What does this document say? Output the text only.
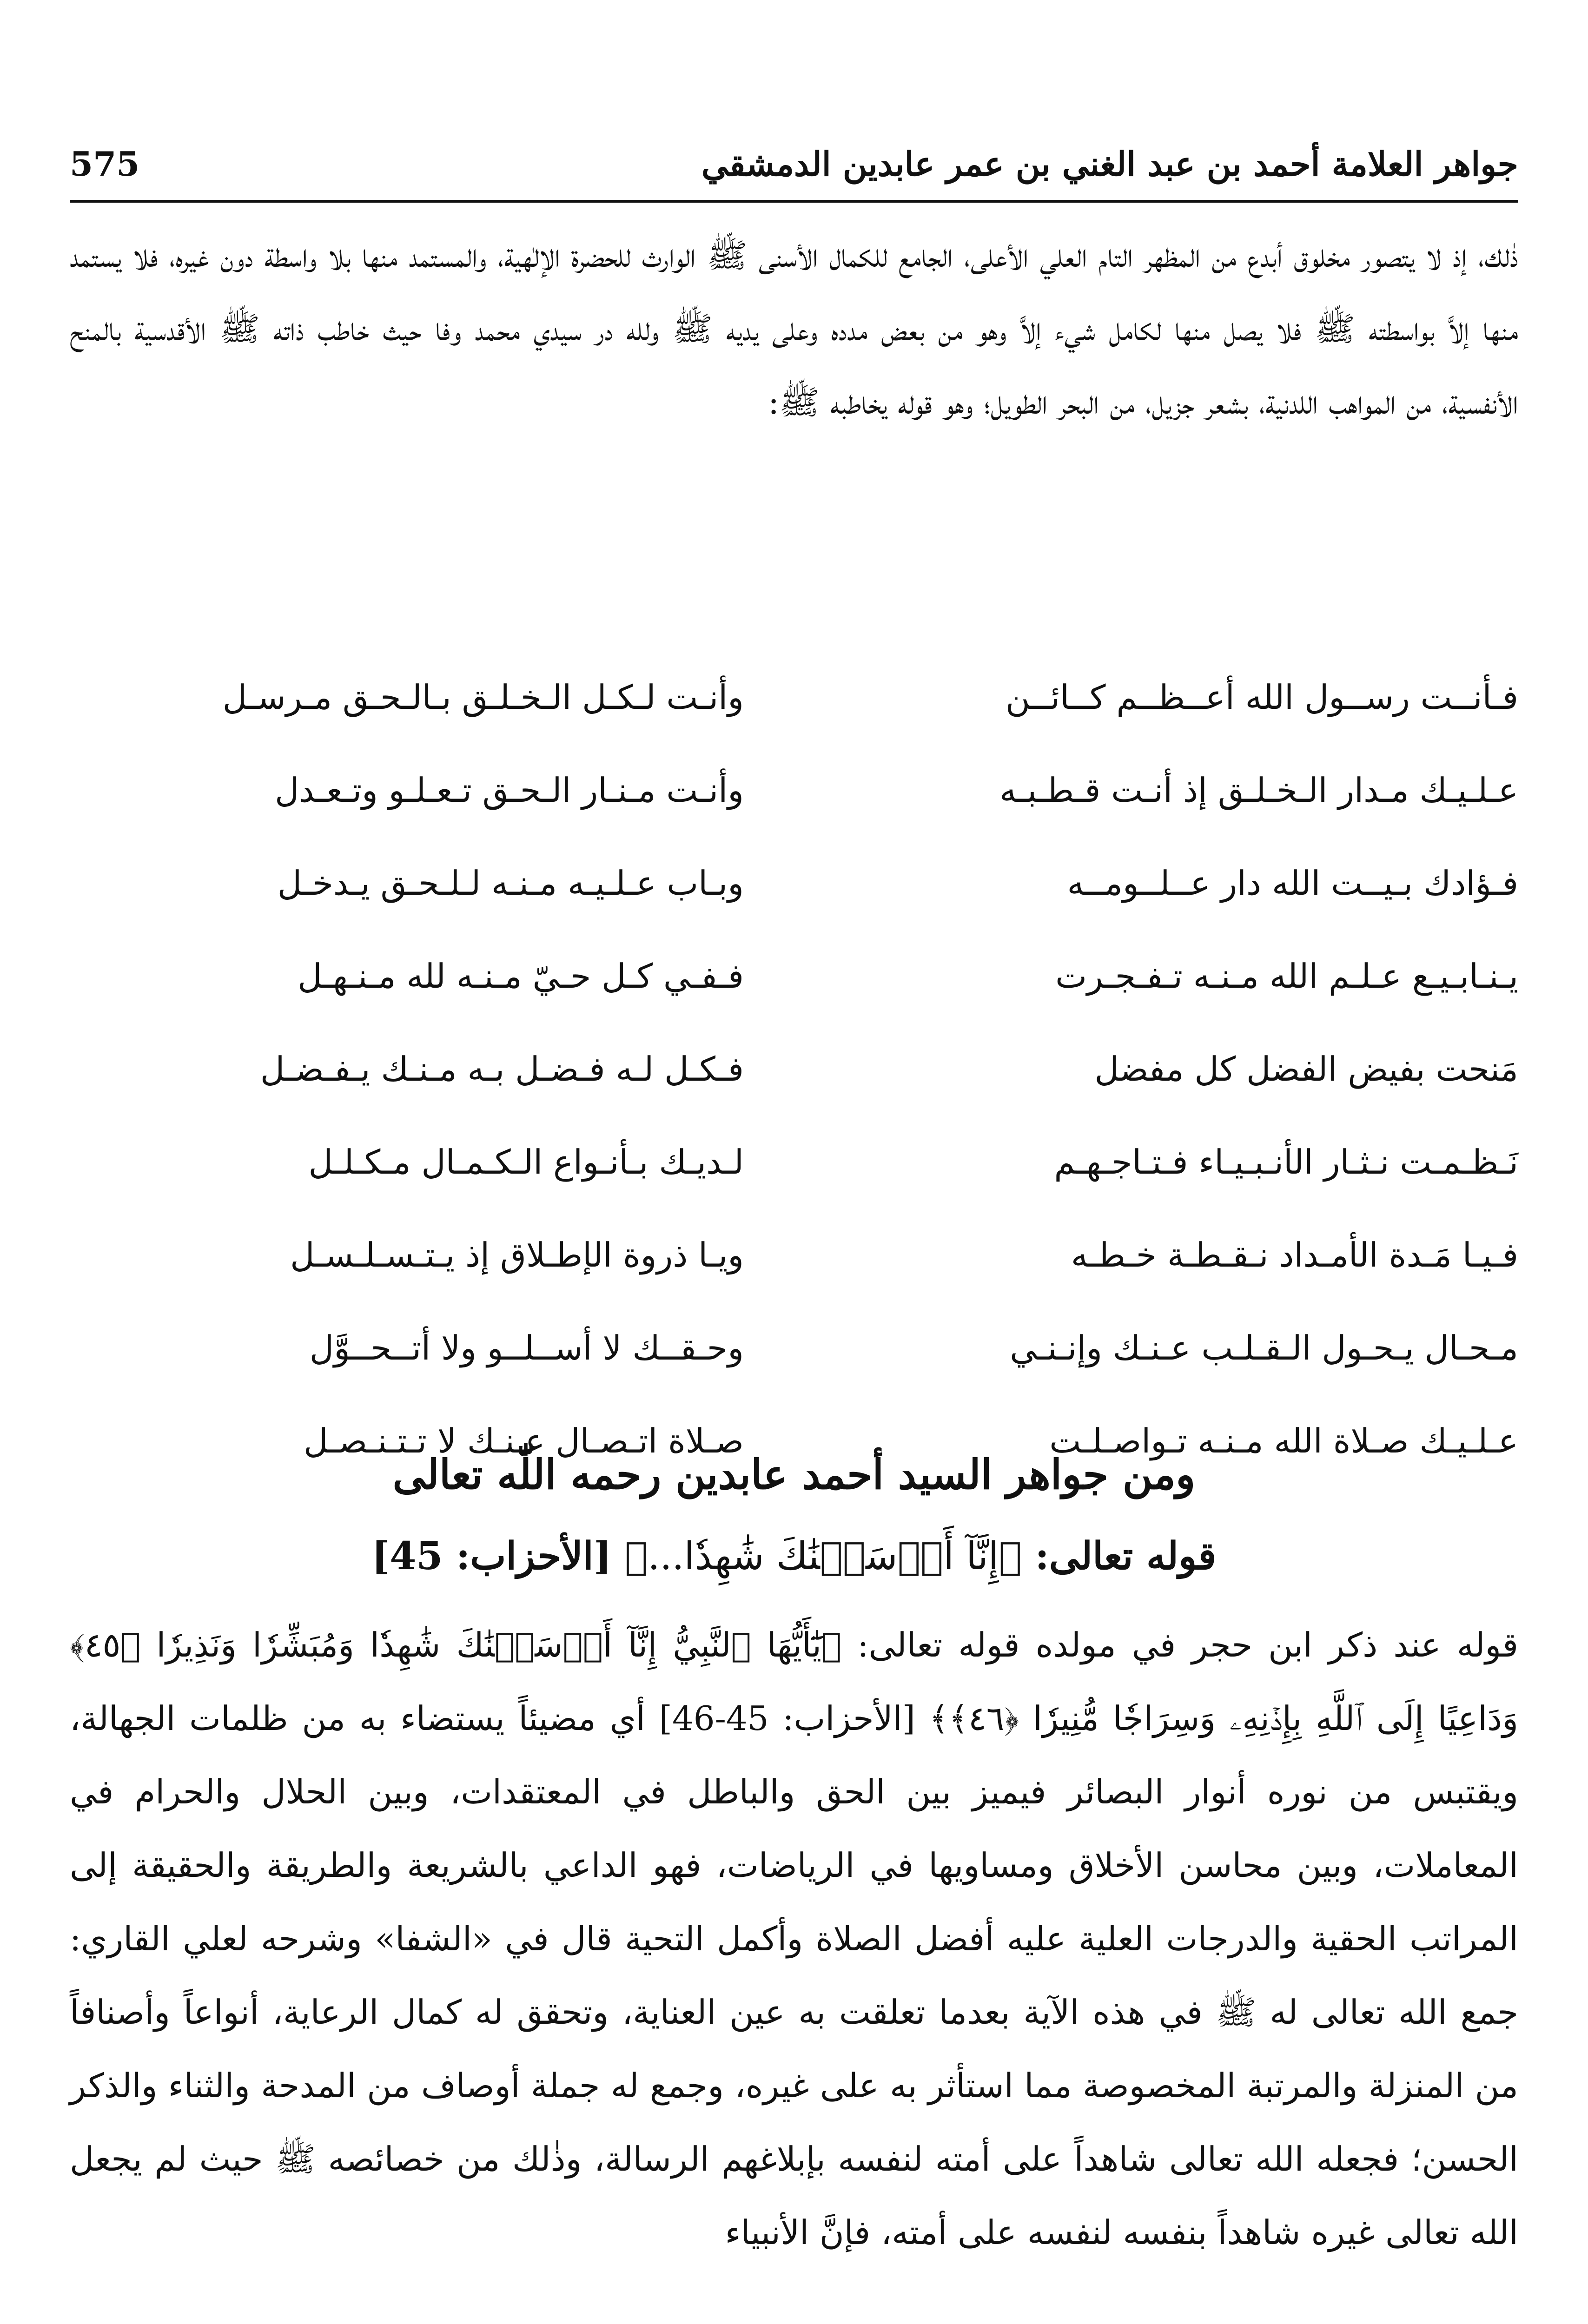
جواهر العلامة أحمد بن عبد الغني بن عمر عابدين الدمشقي
575
ذٰلك، إذ لا يتصور مخلوق أبدع من المظهر التام العلي الأعلى، الجامع للكمال الأسنى ﷺ الوارث للحضرة الإلٰهية، والمستمد منها بلا واسطة دون غيره، فلا يستمد منها إلاَّ بواسطته ﷺ فلا يصل منها لكامل شيء إلاَّ وهو من بعض مدده وعلى يديه ﷺ ولله در سيدي محمد وفا حيث خاطب ذاته ﷺ الأقدسية بالمنح الأنفسية، من المواهب اللدنية، بشعر جزيل، من البحر الطويل؛ وهو قوله يخاطبه ﷺ:
فـأنــت رســول الله أعــظــم كــائــن
وأنـت لـكـل الـخـلـق بـالـحـق مـرسـل
عـلـيـك مـدار الـخـلـق إذ أنـت قـطـبـه
وأنـت مـنـار الـحـق تـعـلـو وتـعـدل
فـؤادك بـيــت الله دار عــلــومــه
وبـاب عـلـيـه مـنـه لـلـحـق يـدخـل
يـنـابـيـع عـلـم الله مـنـه تـفـجـرت
فـفـي كـل حـيّ مـنـه لله مـنـهـل
مَنحت بفيض الفضل كل مفضل
فـكـل لـه فـضـل بـه مـنـك يـفـضـل
نَـظـمـت نـثـار الأنـبـيـاء فـتـاجـهـم
لـديـك بـأنـواع الـكـمـال مـكـلـل
فـيـا مَـدة الأمـداد نـقـطـة خـطـه
ويـا ذروة الإطـلاق إذ يـتـسـلـسـل
مـحـال يـحـول الـقـلـب عـنـك وإنـنـي
وحـقــك لا أســلــو ولا أتــحــوَّل
عـلـيـك صـلاة الله مـنـه تـواصـلـت
صـلاة اتـصـال عـنـك لا تـتـنـصـل
ومن جواهر السيد أحمد عابدين رحمه اللّٰه تعالى
قوله تعالى: ﴿إِنَّآ أَرۡسَلۡنَٰكَ شَٰهِدٗا...﴾ [الأحزاب: 45]
قوله عند ذكر ابن حجر في مولده قوله تعالى: ﴿يَٰٓأَيُّهَا ٱلنَّبِيُّ إِنَّآ أَرۡسَلۡنَٰكَ شَٰهِدٗا وَمُبَشِّرٗا وَنَذِيرٗا ﴿٤٥﴾ وَدَاعِيًا إِلَى ٱللَّهِ بِإِذۡنِهِۦ وَسِرَاجٗا مُّنِيرٗا ﴿٤٦﴾﴾ [الأحزاب: 45-46] أي مضيئاً يستضاء به من ظلمات الجهالة، ويقتبس من نوره أنوار البصائر فيميز بين الحق والباطل في المعتقدات، وبين الحلال والحرام في المعاملات، وبين محاسن الأخلاق ومساويها في الرياضات، فهو الداعي بالشريعة والطريقة والحقيقة إلى المراتب الحقية والدرجات العلية عليه أفضل الصلاة وأكمل التحية قال في «الشفا» وشرحه لعلي القاري: جمع الله تعالى له ﷺ في هذه الآية بعدما تعلقت به عين العناية، وتحقق له كمال الرعاية، أنواعاً وأصنافاً من المنزلة والمرتبة المخصوصة مما استأثر به على غيره، وجمع له جملة أوصاف من المدحة والثناء والذكر الحسن؛ فجعله الله تعالى شاهداً على أمته لنفسه بإبلاغهم الرسالة، وذٰلك من خصائصه ﷺ حيث لم يجعل الله تعالى غيره شاهداً بنفسه لنفسه على أمته، فإنَّ الأنبياء
